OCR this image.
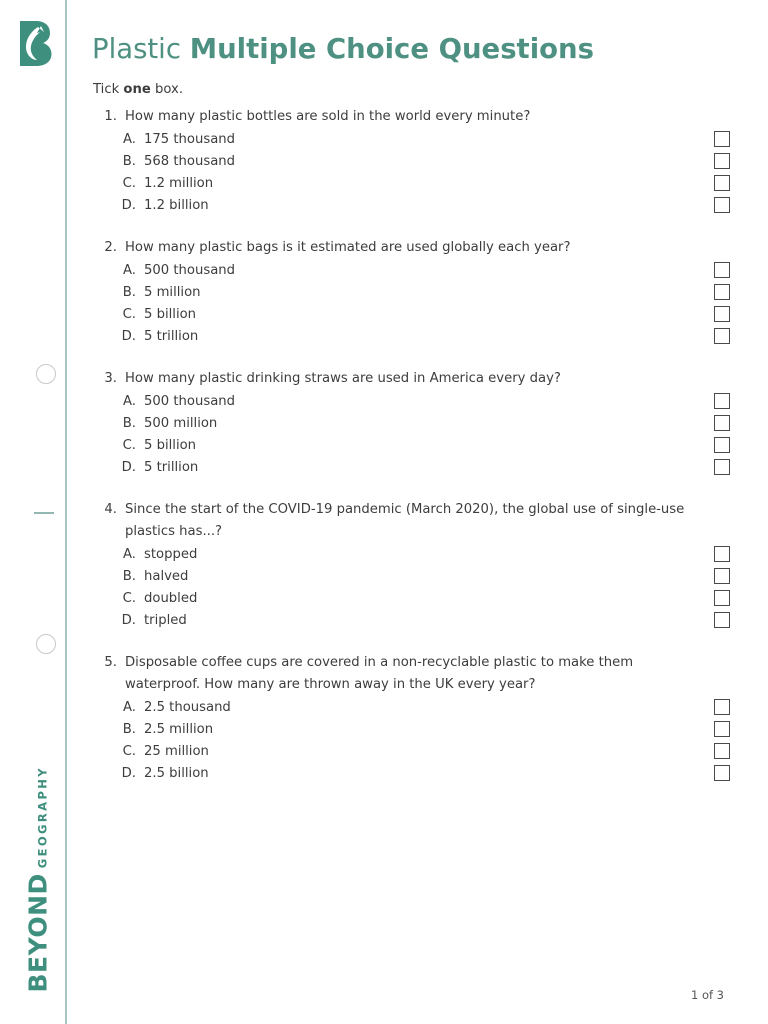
BEYONDGEOGRAPHY
Plastic Multiple Choice Questions
Tick one box.
1. How many plastic bottles are sold in the world every minute?
A. 175 thousand
B. 568 thousand
C. 1.2 million
D. 1.2 billion
2. How many plastic bags is it estimated are used globally each year?
A. 500 thousand
B. 5 million
C. 5 billion
D. 5 trillion
3. How many plastic drinking straws are used in America every day?
A. 500 thousand
B. 500 million
C. 5 billion
D. 5 trillion
4. Since the start of the COVID-19 pandemic (March 2020), the global use of single-use plastics has...?
A. stopped
B. halved
C. doubled
D. tripled
5. Disposable coffee cups are covered in a non-recyclable plastic to make them waterproof. How many are thrown away in the UK every year?
A. 2.5 thousand
B. 2.5 million
C. 25 million
D. 2.5 billion
1 of 3
